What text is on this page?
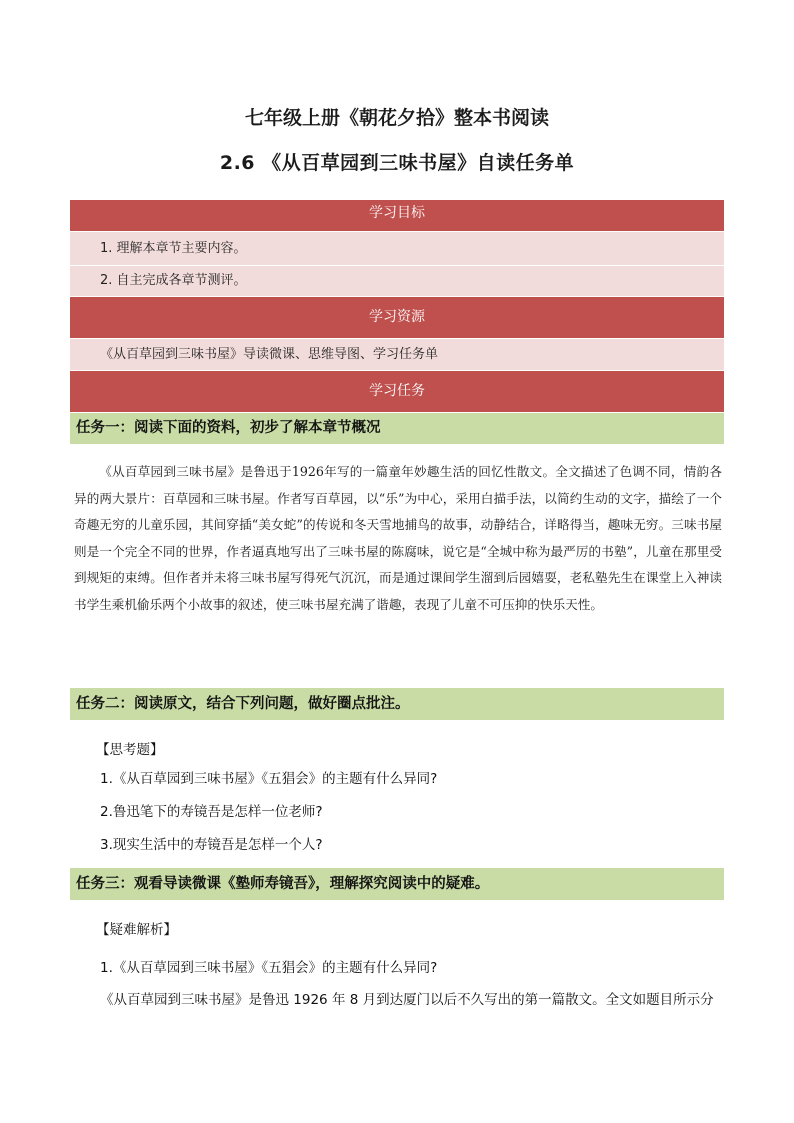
七年级上册《朝花夕拾》整本书阅读
2.6 《从百草园到三味书屋》自读任务单
学习目标
1. 理解本章节主要内容。
2. 自主完成各章节测评。
学习资源
《从百草园到三味书屋》导读微课、思维导图、学习任务单
学习任务
任务一：阅读下面的资料，初步了解本章节概况
《从百草园到三味书屋》是鲁迅于1926年写的一篇童年妙趣生活的回忆性散文。全文描述了色调不同，情韵各异的两大景片：百草园和三味书屋。作者写百草园，以“乐”为中心，采用白描手法，以简约生动的文字，描绘了一个奇趣无穷的儿童乐园，其间穿插“美女蛇”的传说和冬天雪地捕鸟的故事，动静结合，详略得当，趣味无穷。三味书屋则是一个完全不同的世界，作者逼真地写出了三味书屋的陈腐味，说它是“全城中称为最严厉的书塾”，儿童在那里受到规矩的束缚。但作者并未将三味书屋写得死气沉沉，而是通过课间学生溜到后园嬉耍，老私塾先生在课堂上入神读书学生乘机偷乐两个小故事的叙述，使三味书屋充满了谐趣，表现了儿童不可压抑的快乐天性。
任务二：阅读原文，结合下列问题，做好圈点批注。
【思考题】
1.《从百草园到三味书屋》《五猖会》的主题有什么异同?
2.鲁迅笔下的寿镜吾是怎样一位老师?
3.现实生活中的寿镜吾是怎样一个人?
任务三：观看导读微课《塾师寿镜吾》，理解探究阅读中的疑难。
【疑难解析】
1.《从百草园到三味书屋》《五猖会》的主题有什么异同?
《从百草园到三味书屋》是鲁迅 1926 年 8 月到达厦门以后不久写出的第一篇散文。全文如题目所示分
